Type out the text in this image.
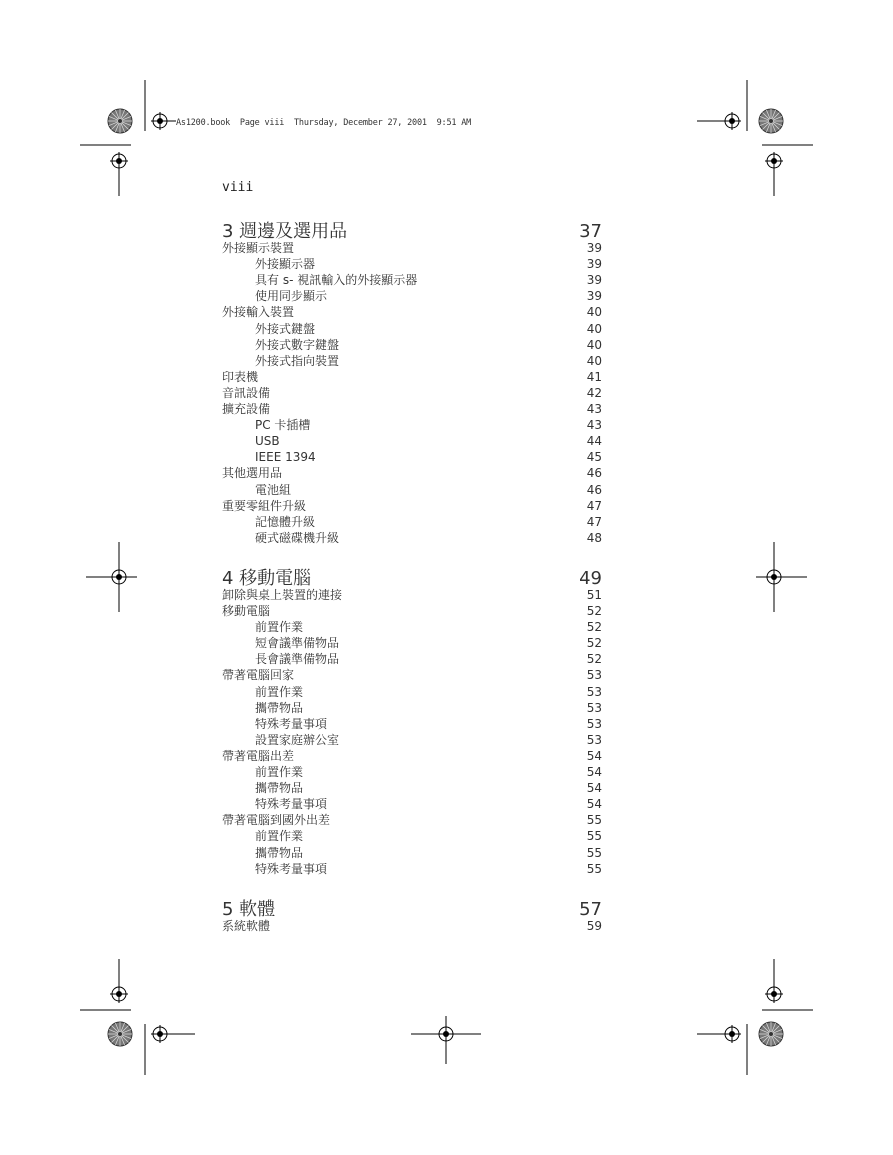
As1200.book  Page viii  Thursday, December 27, 2001  9:51 AM
viii
3 週邊及選用品	37
外接顯示裝置	39
外接顯示器	39
具有 s- 視訊輸入的外接顯示器	39
使用同步顯示	39
外接輸入裝置	40
外接式鍵盤	40
外接式數字鍵盤	40
外接式指向裝置	40
印表機	41
音訊設備	42
擴充設備	43
PC 卡插槽	43
USB	44
IEEE 1394	45
其他選用品	46
電池組	46
重要零組件升級	47
記憶體升級	47
硬式磁碟機升級	48
4 移動電腦	49
卸除與桌上裝置的連接	51
移動電腦	52
前置作業	52
短會議準備物品	52
長會議準備物品	52
帶著電腦回家	53
前置作業	53
攜帶物品	53
特殊考量事項	53
設置家庭辦公室	53
帶著電腦出差	54
前置作業	54
攜帶物品	54
特殊考量事項	54
帶著電腦到國外出差	55
前置作業	55
攜帶物品	55
特殊考量事項	55
5 軟體	57
系統軟體	59
